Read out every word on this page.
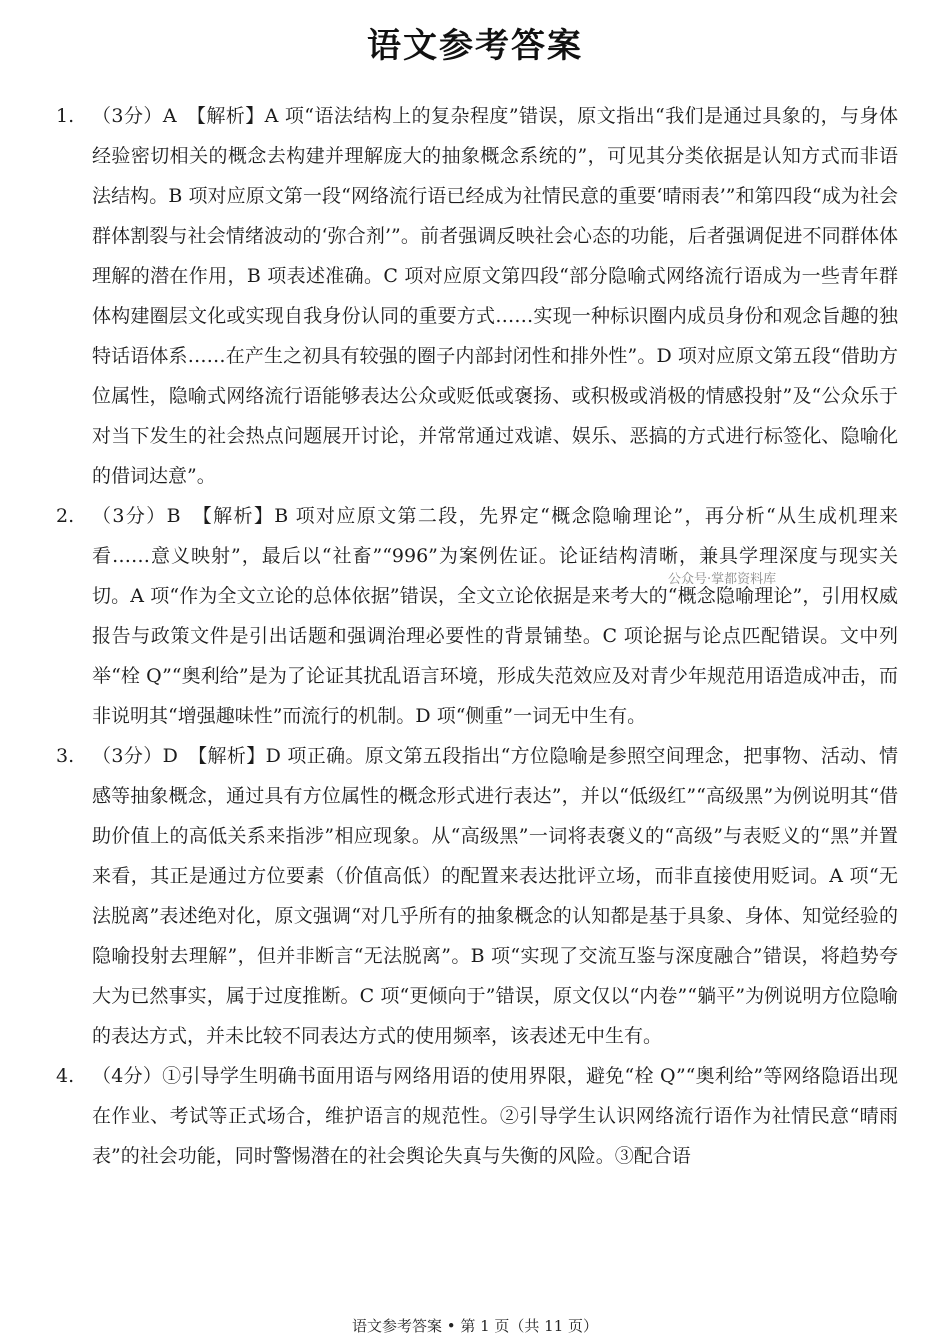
语文参考答案
1. （3分）A　【解析】A 项“语法结构上的复杂程度”错误，原文指出“我们是通过具象的，与身体经验密切相关的概念去构建并理解庞大的抽象概念系统的”，可见其分类依据是认知方式而非语法结构。B 项对应原文第一段“网络流行语已经成为社情民意的重要‘晴雨表’”和第四段“成为社会群体割裂与社会情绪波动的‘弥合剂’”。前者强调反映社会心态的功能，后者强调促进不同群体体理解的潜在作用，B 项表述准确。C 项对应原文第四段“部分隐喻式网络流行语成为一些青年群体构建圈层文化或实现自我身份认同的重要方式……实现一种标识圈内成员身份和观念旨趣的独特话语体系……在产生之初具有较强的圈子内部封闭性和排外性”。D 项对应原文第五段“借助方位属性，隐喻式网络流行语能够表达公众或贬低或褒扬、或积极或消极的情感投射”及“公众乐于对当下发生的社会热点问题展开讨论，并常常通过戏谑、娱乐、恶搞的方式进行标签化、隐喻化的借词达意”。
2. （3分）B　【解析】B 项对应原文第二段，先界定“概念隐喻理论”，再分析“从生成机理来看……意义映射”，最后以“社畜”“996”为案例佐证。论证结构清晰，兼具学理深度与现实关切。A 项“作为全文立论的总体依据”错误，全文立论依据是来考大的“概念隐喻理论”，引用权威报告与政策文件是引出话题和强调治理必要性的背景铺垫。C 项论据与论点匹配错误。文中列举“栓 Q”“奥利给”是为了论证其扰乱语言环境，形成失范效应及对青少年规范用语造成冲击，而非说明其“增强趣味性”而流行的机制。D 项“侧重”一词无中生有。
3. （3分）D　【解析】D 项正确。原文第五段指出“方位隐喻是参照空间理念，把事物、活动、情感等抽象概念，通过具有方位属性的概念形式进行表达”，并以“低级红”“高级黑”为例说明其“借助价值上的高低关系来指涉”相应现象。从“高级黑”一词将表褒义的“高级”与表贬义的“黑”并置来看，其正是通过方位要素（价值高低）的配置来表达批评立场，而非直接使用贬词。A 项“无法脱离”表述绝对化，原文强调“对几乎所有的抽象概念的认知都是基于具象、身体、知觉经验的隐喻投射去理解”，但并非断言“无法脱离”。B 项“实现了交流互鉴与深度融合”错误，将趋势夸大为已然事实，属于过度推断。C 项“更倾向于”错误，原文仅以“内卷”“躺平”为例说明方位隐喻的表达方式，并未比较不同表达方式的使用频率，该表述无中生有。
4. （4分）①引导学生明确书面用语与网络用语的使用界限，避免“栓 Q”“奥利给”等网络隐语出现在作业、考试等正式场合，维护语言的规范性。②引导学生认识网络流行语作为社情民意“晴雨表”的社会功能，同时警惕潜在的社会舆论失真与失衡的风险。③配合语
公众号·掌都资料库
语文参考答案 • 第 1 页（共 11 页）
